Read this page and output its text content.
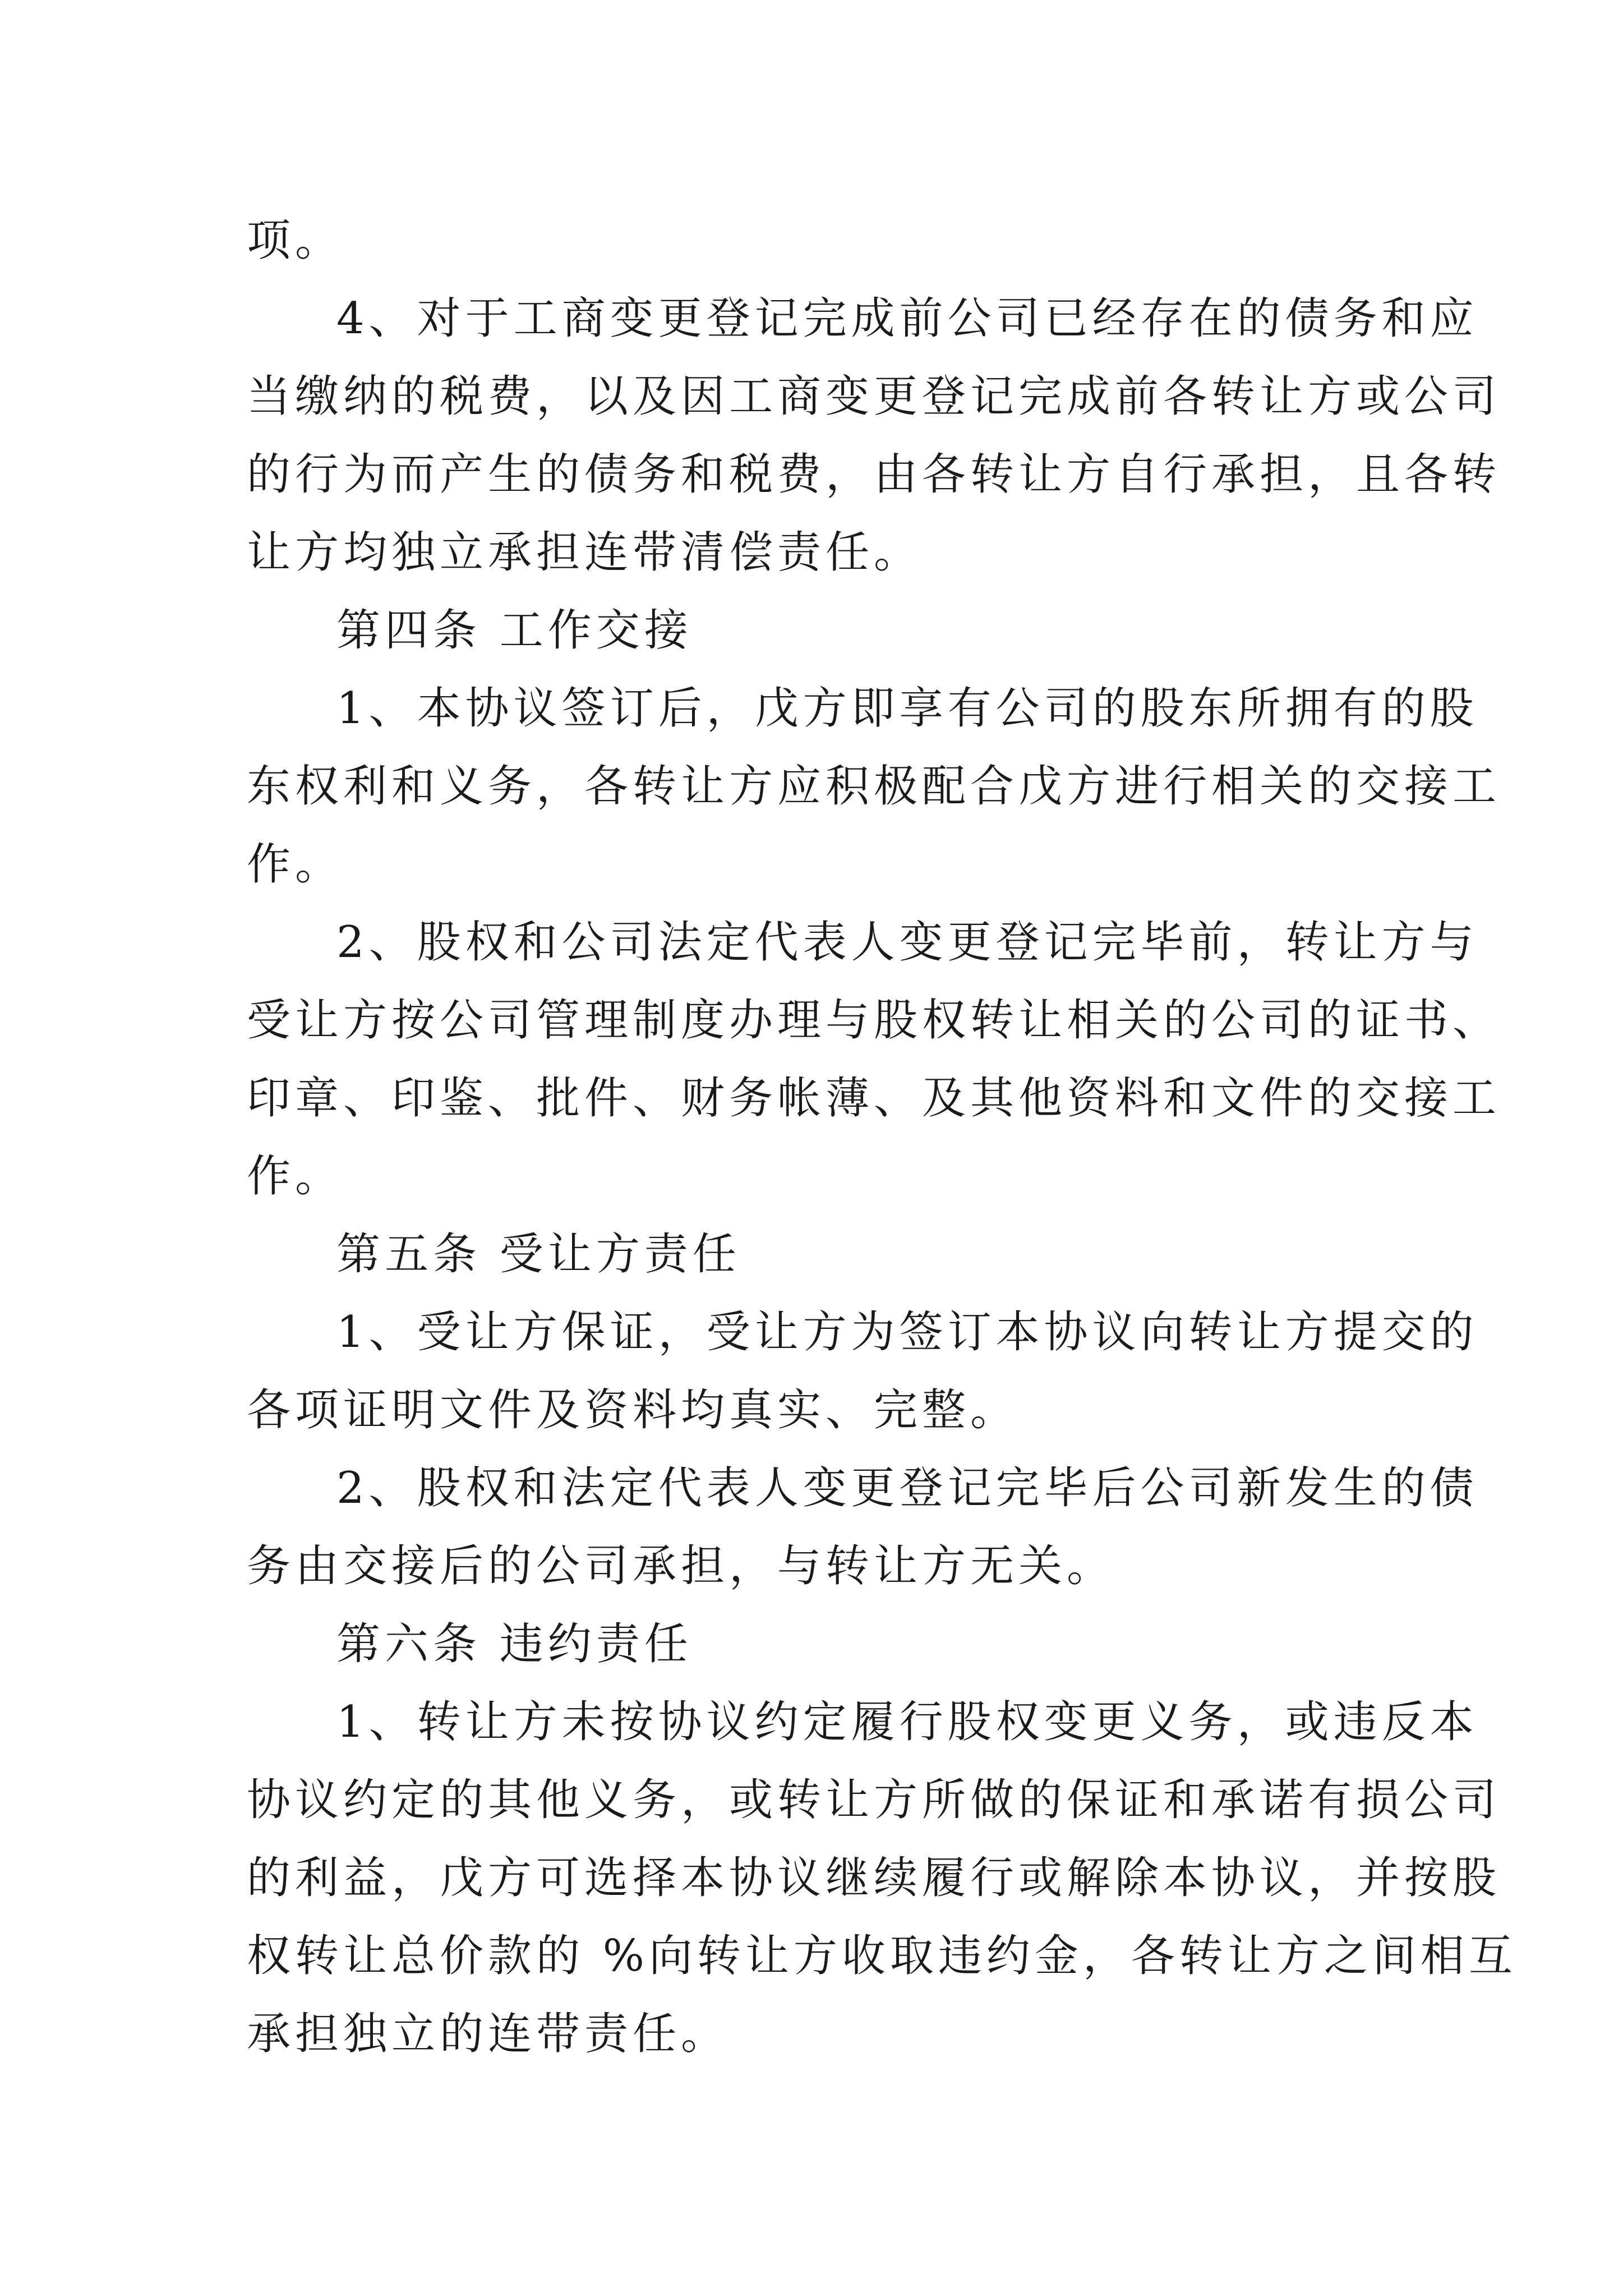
项。
4、对于工商变更登记完成前公司已经存在的债务和应
当缴纳的税费，以及因工商变更登记完成前各转让方或公司
的行为而产生的债务和税费，由各转让方自行承担，且各转
让方均独立承担连带清偿责任。
第四条 工作交接
1、本协议签订后，戊方即享有公司的股东所拥有的股
东权利和义务，各转让方应积极配合戊方进行相关的交接工
作。
2、股权和公司法定代表人变更登记完毕前，转让方与
受让方按公司管理制度办理与股权转让相关的公司的证书、
印章、印鉴、批件、财务帐薄、及其他资料和文件的交接工
作。
第五条 受让方责任
1、受让方保证，受让方为签订本协议向转让方提交的
各项证明文件及资料均真实、完整。
2、股权和法定代表人变更登记完毕后公司新发生的债
务由交接后的公司承担，与转让方无关。
第六条 违约责任
1、转让方未按协议约定履行股权变更义务，或违反本
协议约定的其他义务，或转让方所做的保证和承诺有损公司
的利益，戊方可选择本协议继续履行或解除本协议，并按股
权转让总价款的 %向转让方收取违约金，各转让方之间相互
承担独立的连带责任。
